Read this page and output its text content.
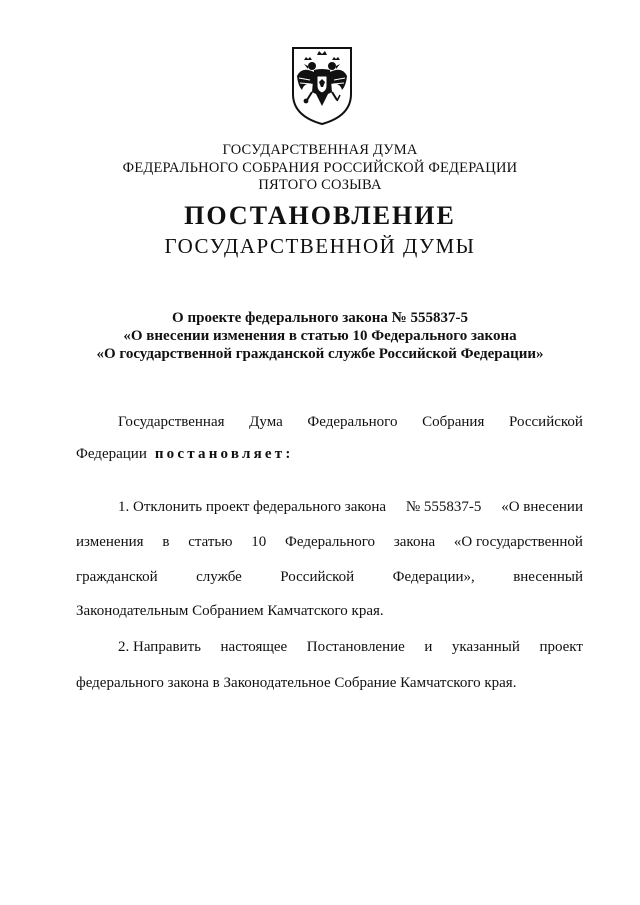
ГОСУДАРСТВЕННАЯ ДУМА
ФЕДЕРАЛЬНОГО СОБРАНИЯ РОССИЙСКОЙ ФЕДЕРАЦИИ
ПЯТОГО СОЗЫВА
ПОСТАНОВЛЕНИЕ
ГОСУДАРСТВЕННОЙ ДУМЫ
О проекте федерального закона № 555837-5
«О внесении изменения в статью 10 Федерального закона
«О государственной гражданской службе Российской Федерации»
Государственная Дума Федерального Собрания Российской
Федерации постановляет:
1. Отклонить проект федерального закона № 555837-5 «О внесении
изменения в статью 10 Федерального закона «О государственной
гражданской	службе	Российской	Федерации»,	внесенный
Законодательным Собранием Камчатского края.
2. Направить настоящее Постановление и указанный проект
федерального закона в Законодательное Собрание Камчатского края.
